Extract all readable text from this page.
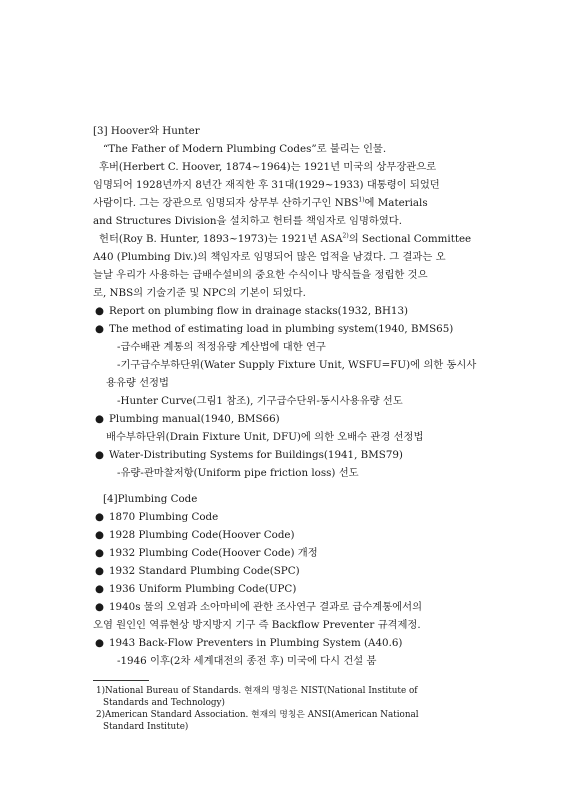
[3] Hoover와 Hunter
“The Father of Modern Plumbing Codes”로 불리는 인물.
후버(Herbert C. Hoover, 1874~1964)는 1921년 미국의 상무장관으로
임명되어 1928년까지 8년간 재직한 후 31대(1929~1933) 대통령이 되었던
사람이다. 그는 장관으로 임명되자 상무부 산하기구인 NBS$^{1)}$에 Materials
and Structures Division을 설치하고 헌터를 책임자로 임명하였다.
헌터(Roy B. Hunter, 1893~1973)는 1921년 ASA$^{2)}$의 Sectional Committee
A40 (Plumbing Div.)의 책임자로 임명되어 많은 업적을 남겼다. 그 결과는 오
늘날 우리가 사용하는 급배수설비의 중요한 수식이나 방식들을 정립한 것으
로, NBS의 기술기준 및 NPC의 기본이 되었다.
● Report on plumbing flow in drainage stacks(1932, BH13)
● The method of estimating load in plumbing system(1940, BMS65)
-급수배관 계통의 적정유량 계산법에 대한 연구
-기구급수부하단위(Water Supply Fixture Unit, WSFU=FU)에 의한 동시사
용유량 선정법
-Hunter Curve(그림1 참조), 기구급수단위-동시사용유량 선도
● Plumbing manual(1940, BMS66)
배수부하단위(Drain Fixture Unit, DFU)에 의한 오배수 관경 선정법
● Water-Distributing Systems for Buildings(1941, BMS79)
-유량-관마찰저항(Uniform pipe friction loss) 선도
[4]Plumbing Code
● 1870 Plumbing Code
● 1928 Plumbing Code(Hoover Code)
● 1932 Plumbing Code(Hoover Code) 개정
● 1932 Standard Plumbing Code(SPC)
● 1936 Uniform Plumbing Code(UPC)
● 1940s 물의 오염과 소아마비에 관한 조사연구 결과로 급수계통에서의
오염 원인인 역류현상 방지방지 기구 즉 Backflow Preventer 규격제정.
● 1943 Back-Flow Preventers in Plumbing System (A40.6)
-1946 이후(2차 세계대전의 종전 후) 미국에 다시 건설 붐
1)National Bureau of Standards. 현재의 명칭은 NIST(National Institute of
Standards and Technology)
2)American Standard Association. 현재의 명칭은 ANSI(American National
Standard Institute)
